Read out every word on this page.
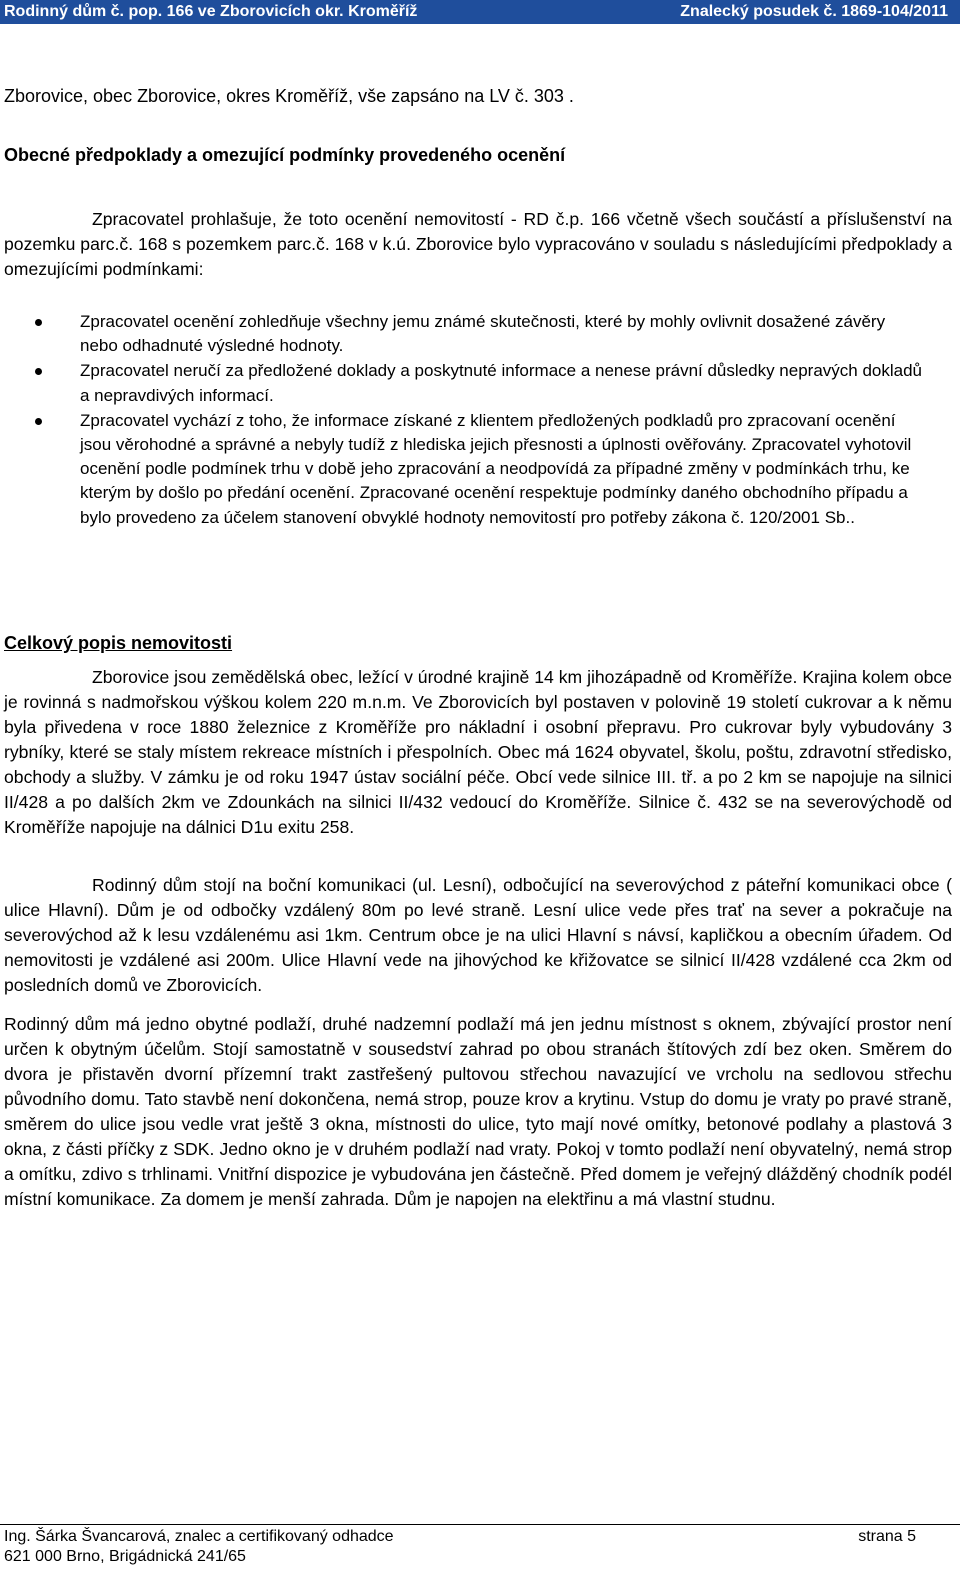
Rodinný dům č. pop. 166 ve Zborovicích okr. Kroměříž	Znalecký posudek č. 1869-104/2011
Zborovice, obec Zborovice, okres Kroměříž, vše zapsáno na LV č. 303 .
Obecné předpoklady a omezující podmínky provedeného ocenění
Zpracovatel prohlašuje, že toto ocenění nemovitostí - RD č.p. 166 včetně všech součástí a příslušenství na pozemku parc.č. 168 s pozemkem parc.č. 168 v k.ú. Zborovice bylo vypracováno v souladu s následujícími předpoklady a omezujícími podmínkami:
Zpracovatel ocenění zohledňuje všechny jemu známé skutečnosti, které by mohly ovlivnit dosažené závěry nebo odhadnuté výsledné hodnoty.
Zpracovatel neručí za předložené doklady a poskytnuté informace a nenese právní důsledky nepravých dokladů a nepravdivých informací.
Zpracovatel vychází z toho, že informace získané z klientem předložených podkladů pro zpracovaní ocenění jsou věrohodné a správné a nebyly tudíž z hlediska jejich přesnosti a úplnosti ověřovány. Zpracovatel vyhotovil ocenění podle podmínek trhu v době jeho zpracování a neodpovídá za případné změny v podmínkách trhu, ke kterým by došlo po předání ocenění. Zpracované ocenění respektuje podmínky daného obchodního případu a bylo provedeno za účelem stanovení obvyklé hodnoty nemovitostí pro potřeby zákona č. 120/2001 Sb..
Celkový popis nemovitosti
Zborovice jsou zemědělská obec, ležící v úrodné krajině 14 km jihozápadně od Kroměříže. Krajina kolem obce je rovinná s nadmořskou výškou kolem 220 m.n.m. Ve Zborovicích byl postaven v polovině 19 století cukrovar a k němu byla přivedena v roce 1880 železnice z Kroměříže pro nákladní i osobní přepravu. Pro cukrovar byly vybudovány 3 rybníky, které se staly místem rekreace místních i přespolních. Obec má 1624 obyvatel, školu, poštu, zdravotní středisko, obchody a služby. V zámku je od roku 1947 ústav sociální péče. Obcí vede silnice III. tř. a po 2 km se napojuje na silnici II/428 a po dalších 2km ve Zdounkách na silnici II/432 vedoucí do Kroměříže. Silnice č. 432 se na severovýchodě od Kroměříže napojuje na dálnici D1u exitu 258.
Rodinný dům stojí na boční komunikaci (ul. Lesní), odbočující na severovýchod z páteřní komunikaci obce ( ulice Hlavní). Dům je od odbočky vzdálený 80m po levé straně. Lesní ulice vede přes trať na sever a pokračuje na severovýchod až k lesu vzdálenému asi 1km. Centrum obce je na ulici Hlavní s návsí, kapličkou a obecním úřadem. Od nemovitosti je vzdálené asi 200m. Ulice Hlavní vede na jihovýchod ke křižovatce se silnicí II/428 vzdálené cca 2km od posledních domů ve Zborovicích.
Rodinný dům má jedno obytné podlaží, druhé nadzemní podlaží má jen jednu místnost s oknem, zbývající prostor není určen k obytným účelům. Stojí samostatně v sousedství zahrad po obou stranách štítových zdí bez oken. Směrem do dvora je přistavěn dvorní přízemní trakt zastřešený pultovou střechou navazující ve vrcholu na sedlovou střechu původního domu. Tato stavbě není dokončena, nemá strop, pouze krov a krytinu. Vstup do domu je vraty po pravé straně, směrem do ulice jsou vedle vrat ještě 3 okna, místnosti do ulice, tyto mají nové omítky, betonové podlahy a plastová 3 okna, z části příčky z SDK. Jedno okno je v druhém podlaží nad vraty. Pokoj v tomto podlaží není obyvatelný, nemá strop a omítku, zdivo s trhlinami. Vnitřní dispozice je vybudována jen částečně. Před domem je veřejný dlážděný chodník podél místní komunikace. Za domem je menší zahrada. Dům je napojen na elektřinu a má vlastní studnu.
Ing. Šárka Švancarová, znalec a certifikovaný odhadce
621 000 Brno, Brigádnická 241/65
strana 5
